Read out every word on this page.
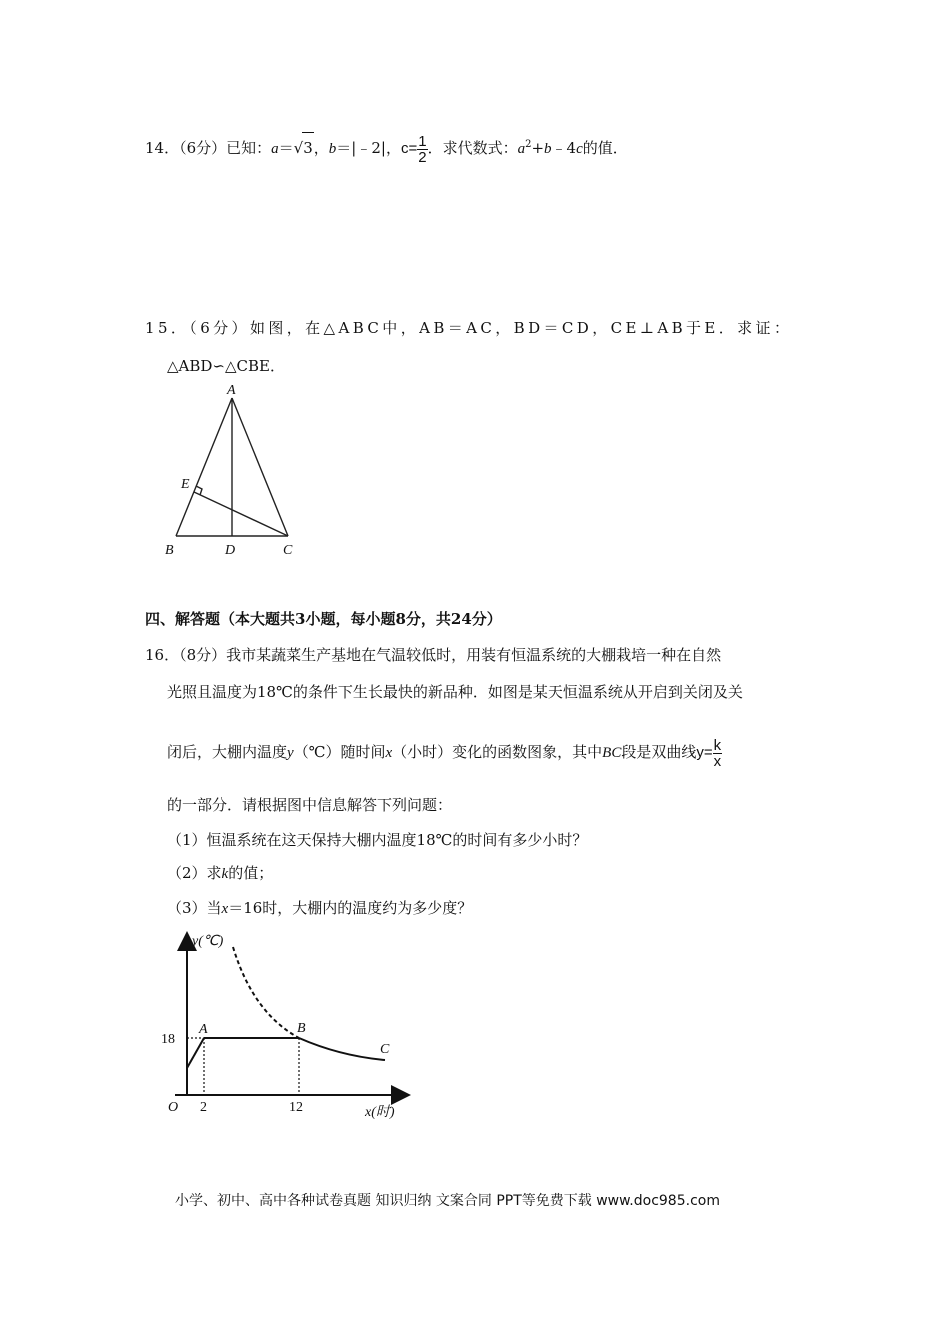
14．（6分）已知：a＝√3，b＝|﹣2|，$c= \frac{1}{2}$ ．求代数式：$a^2+b﹣4c$的值．
15．（6分）如图，在△ABC中，AB＝AC，BD＝CD，CE⊥AB于E．求证：
△ABD∽△CBE．
A
E
B	D	C
四、解答题（本大题共3小题，每小题8分，共24分）
16．（8分）我市某蔬菜生产基地在气温较低时，用装有恒温系统的大棚栽培一种在自然
光照且温度为18℃的条件下生长最快的新品种．如图是某天恒温系统从开启到关闭及关
闭后，大棚内温度y（℃）随时间x（小时）变化的函数图象，其中BC段是双曲线$y= \frac{k}{x}$
的一部分．请根据图中信息解答下列问题：
（1）恒温系统在这天保持大棚内温度18℃的时间有多少小时？
（2）求k的值；
（3）当x＝16时，大棚内的温度约为多少度？
y(℃)
18
A	B
C
O 2	12	x(时)
小学、初中、高中各种试卷真题 知识归纳 文案合同 PPT等免费下载 www.doc985.com
